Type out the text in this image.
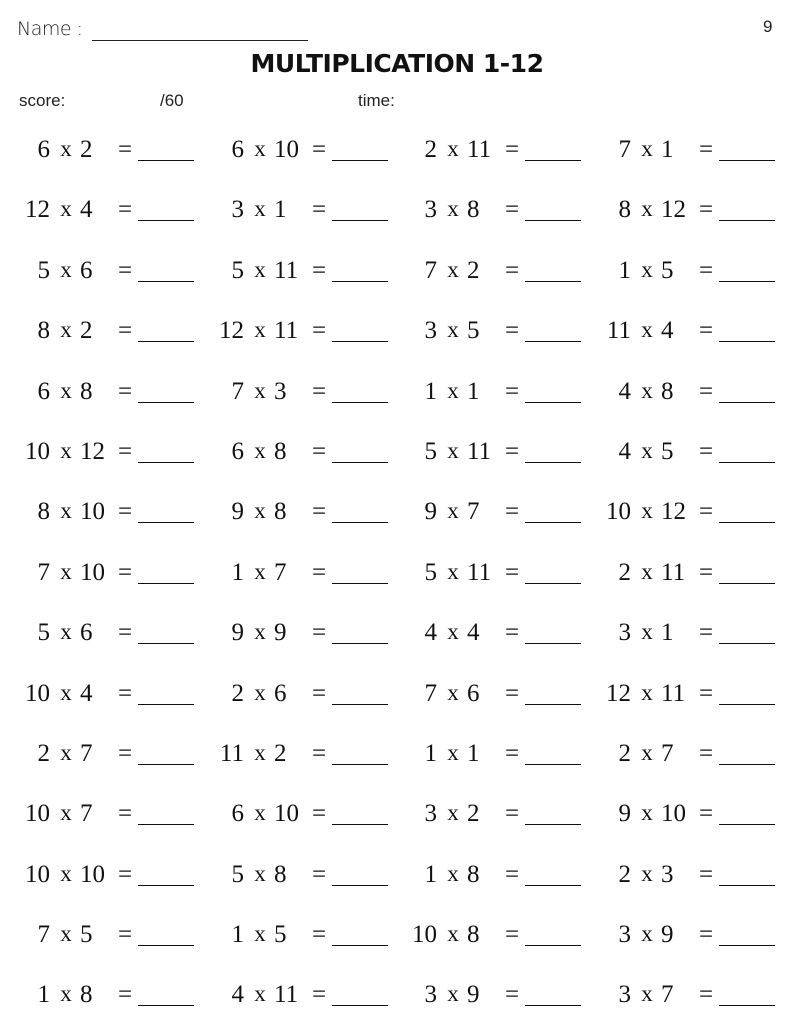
Name :	9
MULTIPLICATION 1-12
score:	/60	time:
6 x 2	=	6 x 10 =	2 x 11 =	7 x 1	=
12 x 4	=	3 x 1	=	3 x 8	=	8 x 12 =
5 x 6	=	5 x 11 =	7 x 2	=	1 x 5	=
8 x 2	=	12 x 11 =	3 x 5	=	11 x 4	=
6 x 8	=	7 x 3	=	1 x 1	=	4 x 8	=
10 x 12 =	6 x 8	=	5 x 11 =	4 x 5	=
8 x 10 =	9 x 8	=	9 x 7	=	10 x 12 =
7 x 10 =	1 x 7	=	5 x 11 =	2 x 11 =
5 x 6	=	9 x 9	=	4 x 4	=	3 x 1	=
10 x 4	=	2 x 6	=	7 x 6	=	12 x 11 =
2 x 7	=	11 x 2	=	1 x 1	=	2 x 7	=
10 x 7	=	6 x 10 =	3 x 2	=	9 x 10 =
10 x 10 =	5 x 8	=	1 x 8	=	2 x 3	=
7 x 5	=	1 x 5	=	10 x 8	=	3 x 9	=
1 x 8	=	4 x 11 =	3 x 9	=	3 x 7	=
